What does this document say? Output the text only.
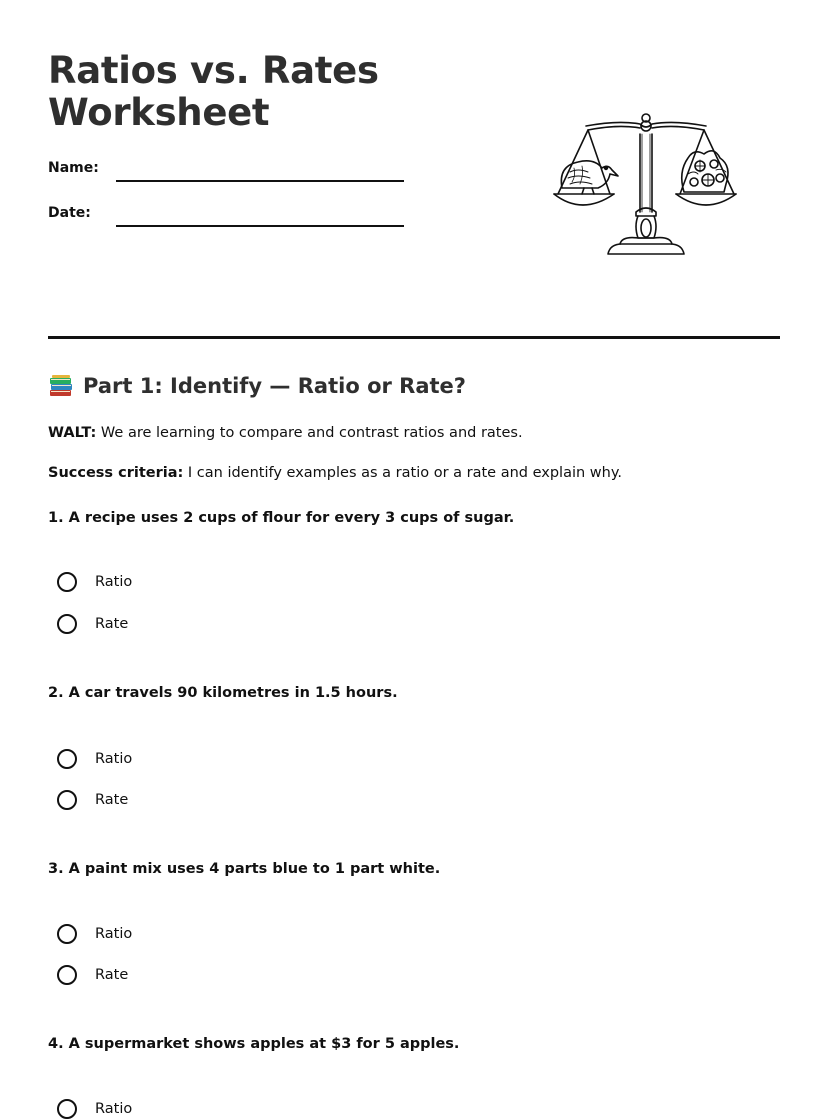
Ratios vs. Rates
Worksheet
Name:
Date:
Part 1: Identify — Ratio or Rate?
WALT: We are learning to compare and contrast ratios and rates.
Success criteria: I can identify examples as a ratio or a rate and explain why.
1. A recipe uses 2 cups of flour for every 3 cups of sugar.
Ratio
Rate
2. A car travels 90 kilometres in 1.5 hours.
Ratio
Rate
3. A paint mix uses 4 parts blue to 1 part white.
Ratio
Rate
4. A supermarket shows apples at $3 for 5 apples.
Ratio
